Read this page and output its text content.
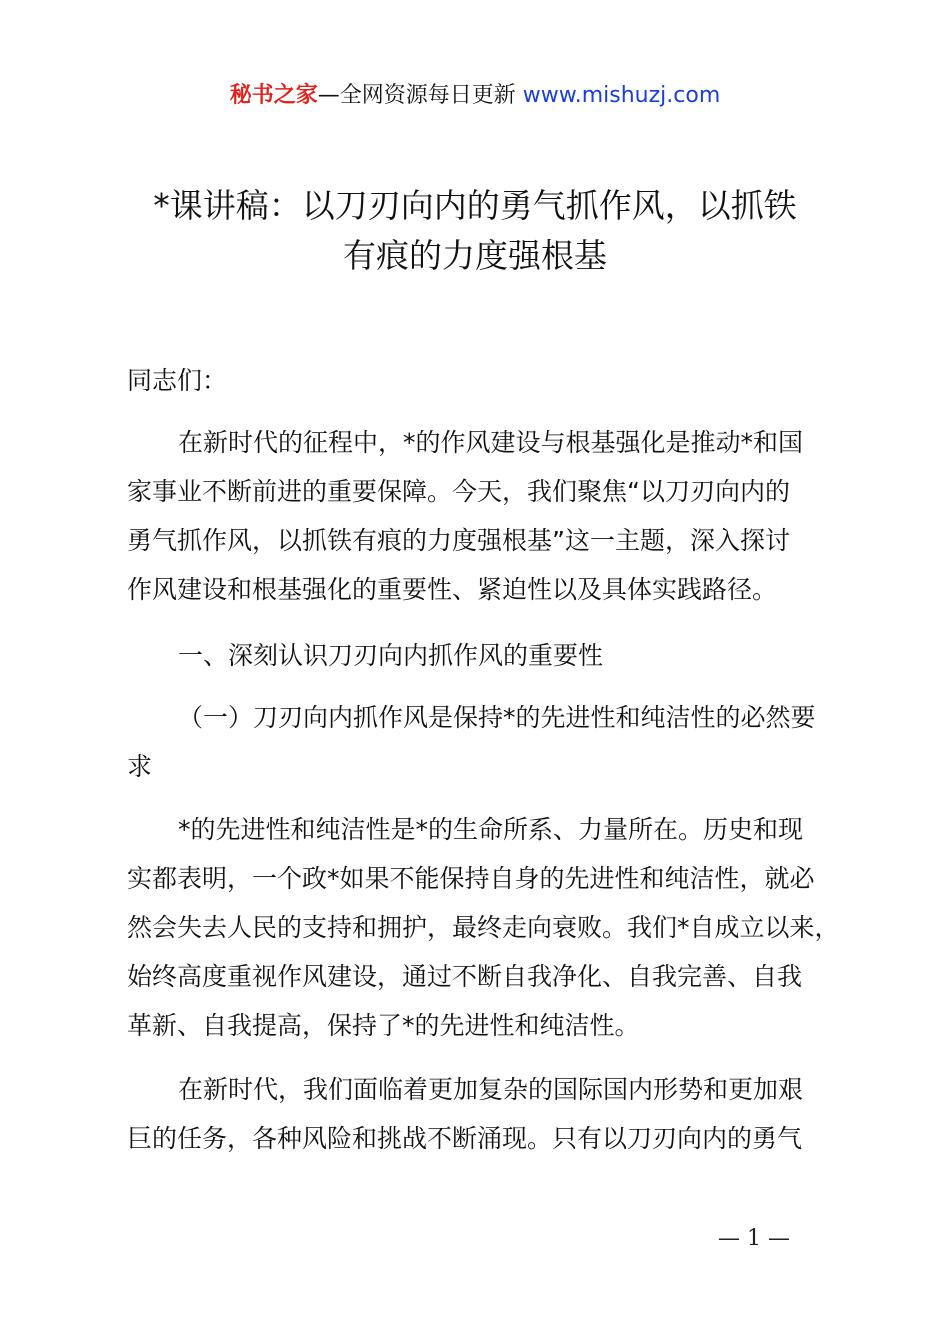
秘书之家—全网资源每日更新 www.mishuzj.com
*课讲稿：以刀刃向内的勇气抓作风，以抓铁
有痕的力度强根基
同志们：
在新时代的征程中，*的作风建设与根基强化是推动*和国
家事业不断前进的重要保障。今天，我们聚焦“以刀刃向内的
勇气抓作风，以抓铁有痕的力度强根基”这一主题，深入探讨
作风建设和根基强化的重要性、紧迫性以及具体实践路径。
一、深刻认识刀刃向内抓作风的重要性
（一）刀刃向内抓作风是保持*的先进性和纯洁性的必然要
求
*的先进性和纯洁性是*的生命所系、力量所在。历史和现
实都表明，一个政*如果不能保持自身的先进性和纯洁性，就必
然会失去人民的支持和拥护，最终走向衰败。我们*自成立以来，
始终高度重视作风建设，通过不断自我净化、自我完善、自我
革新、自我提高，保持了*的先进性和纯洁性。
在新时代，我们面临着更加复杂的国际国内形势和更加艰
巨的任务，各种风险和挑战不断涌现。只有以刀刃向内的勇气
— 1 —
